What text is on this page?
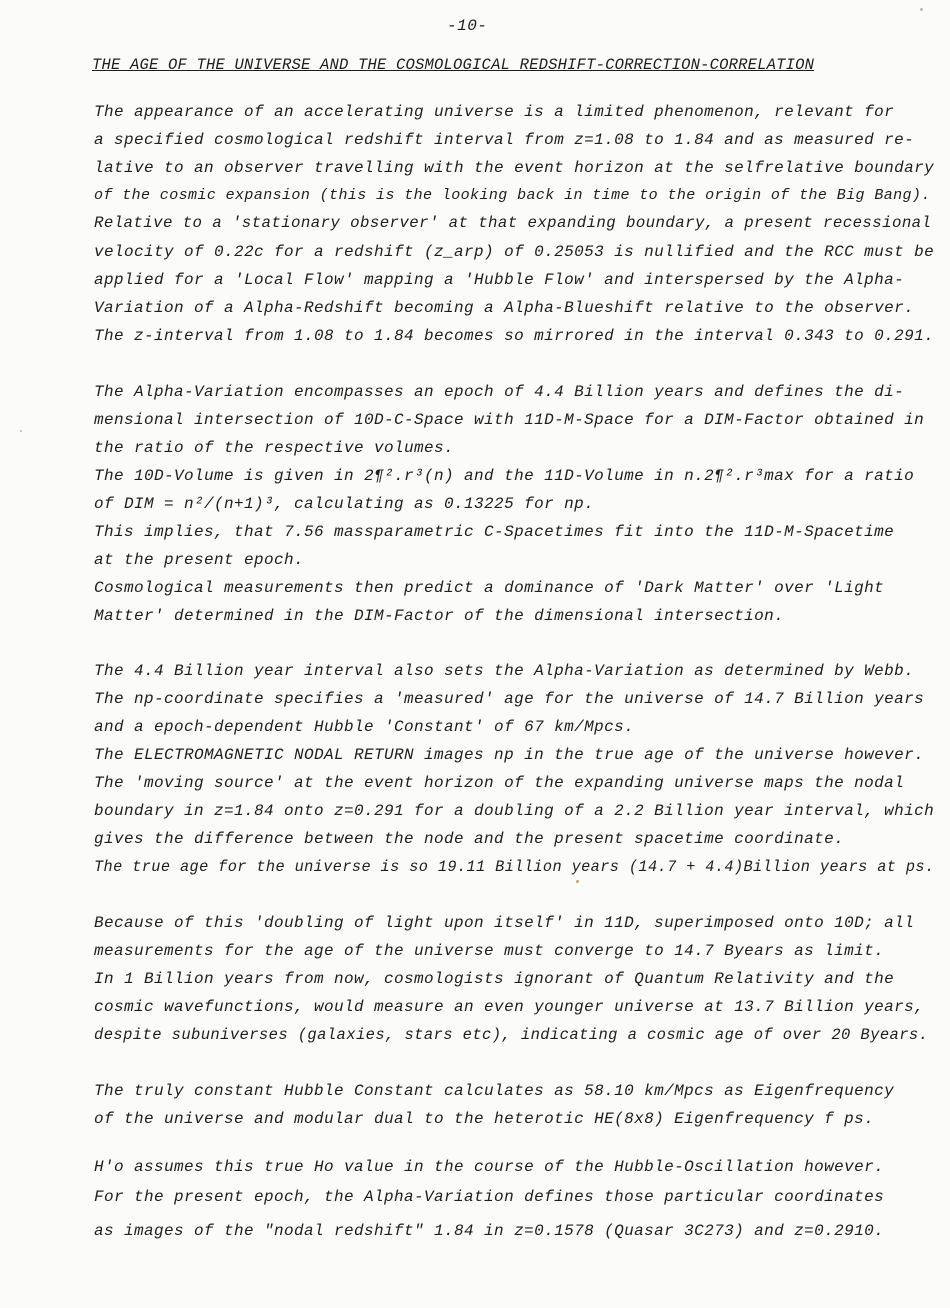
-10-
THE AGE OF THE UNIVERSE AND THE COSMOLOGICAL REDSHIFT-CORRECTION-CORRELATION
The appearance of an accelerating universe is a limited phenomenon, relevant for
a specified cosmological redshift interval from z=1.08 to 1.84 and as measured re-
lative to an observer travelling with the event horizon at the selfrelative boundary
of the cosmic expansion (this is the looking back in time to the origin of the Big Bang).
Relative to a 'stationary observer' at that expanding boundary, a present recessional
velocity of 0.22c for a redshift (z_arp) of 0.25053 is nullified and the RCC must be
applied for a 'Local Flow' mapping a 'Hubble Flow' and interspersed by the Alpha-
Variation of a Alpha-Redshift becoming a Alpha-Blueshift relative to the observer.
The z-interval from 1.08 to 1.84 becomes so mirrored in the interval 0.343 to 0.291.
The Alpha-Variation encompasses an epoch of 4.4 Billion years and defines the di-
mensional intersection of 10D-C-Space with 11D-M-Space for a DIM-Factor obtained in
the ratio of the respective volumes.
The 10D-Volume is given in 2¶².r³(n) and the 11D-Volume in n.2¶².r³max for a ratio
of DIM = n²/(n+1)³, calculating as 0.13225 for np.
This implies, that 7.56 massparametric C-Spacetimes fit into the 11D-M-Spacetime
at the present epoch.
Cosmological measurements then predict a dominance of 'Dark Matter' over 'Light
Matter' determined in the DIM-Factor of the dimensional intersection.
The 4.4 Billion year interval also sets the Alpha-Variation as determined by Webb.
The np-coordinate specifies a 'measured' age for the universe of 14.7 Billion years
and a epoch-dependent Hubble 'Constant' of 67 km/Mpcs.
The ELECTROMAGNETIC NODAL RETURN images np in the true age of the universe however.
The 'moving source' at the event horizon of the expanding universe maps the nodal
boundary in z=1.84 onto z=0.291 for a doubling of a 2.2 Billion year interval, which
gives the difference between the node and the present spacetime coordinate.
The true age for the universe is so 19.11 Billion years (14.7 + 4.4)Billion years at ps.
Because of this 'doubling of light upon itself' in 11D, superimposed onto 10D; all
measurements for the age of the universe must converge to 14.7 Byears as limit.
In 1 Billion years from now, cosmologists ignorant of Quantum Relativity and the
cosmic wavefunctions, would measure an even younger universe at 13.7 Billion years,
despite subuniverses (galaxies, stars etc), indicating a cosmic age of over 20 Byears.
The truly constant Hubble Constant calculates as 58.10 km/Mpcs as Eigenfrequency
of the universe and modular dual to the heterotic HE(8x8) Eigenfrequency f ps.
H'o assumes this true Ho value in the course of the Hubble-Oscillation however.
For the present epoch, the Alpha-Variation defines those particular coordinates
as images of the "nodal redshift" 1.84 in z=0.1578 (Quasar 3C273) and z=0.2910.
